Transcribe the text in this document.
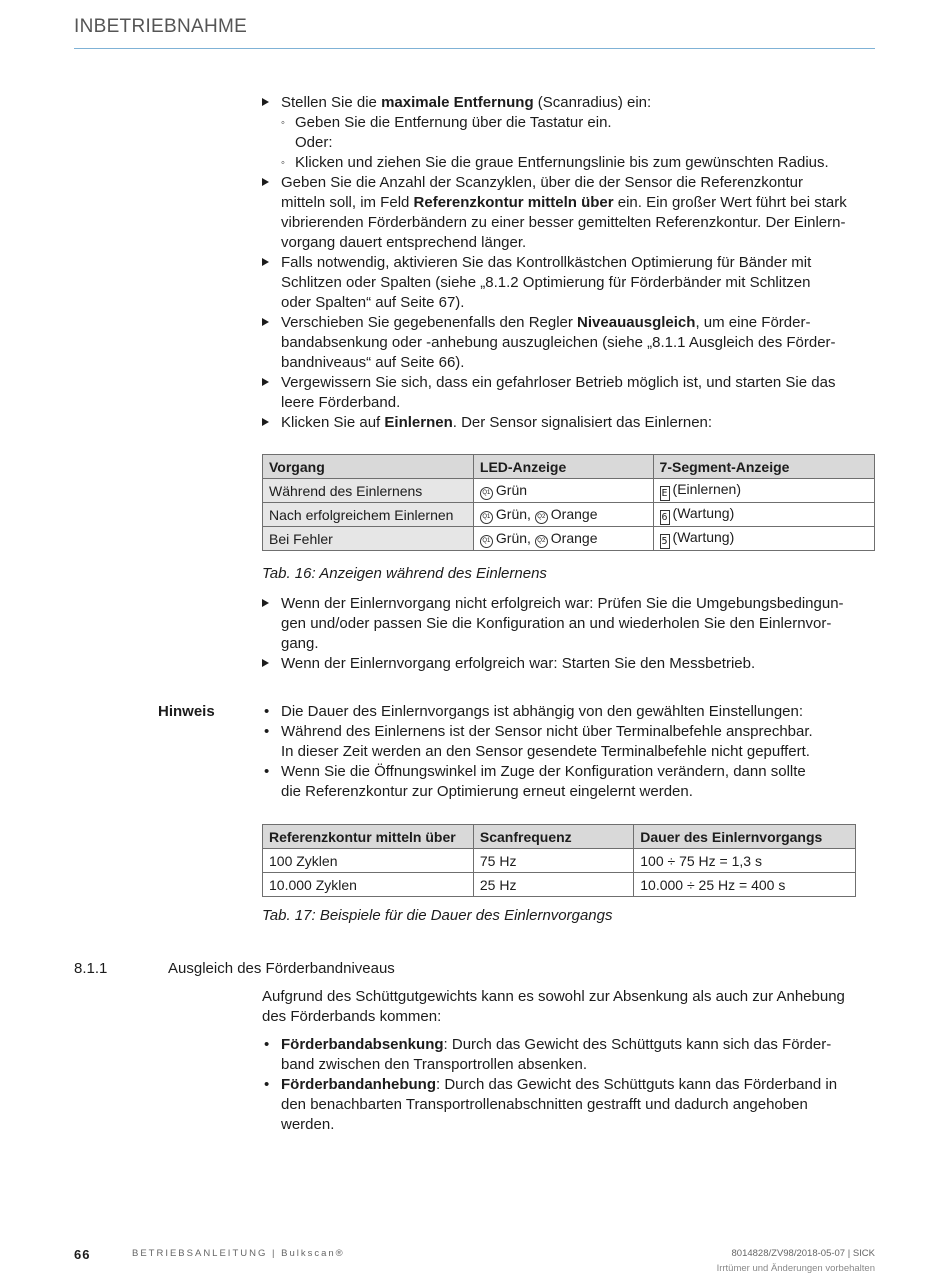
INBETRIEBNAHME
Stellen Sie die maximale Entfernung (Scanradius) ein:
◦ Geben Sie die Entfernung über die Tastatur ein.
Oder:
◦ Klicken und ziehen Sie die graue Entfernungslinie bis zum gewünschten Radius.
Geben Sie die Anzahl der Scanzyklen, über die der Sensor die Referenzkontur
mitteln soll, im Feld Referenzkontur mitteln über ein. Ein großer Wert führt bei stark
vibrierenden Förderbändern zu einer besser gemittelten Referenzkontur. Der Einlern-
vorgang dauert entsprechend länger.
Falls notwendig, aktivieren Sie das Kontrollkästchen Optimierung für Bänder mit
Schlitzen oder Spalten (siehe „8.1.2 Optimierung für Förderbänder mit Schlitzen
oder Spalten“ auf Seite 67).
Verschieben Sie gegebenenfalls den Regler Niveauausgleich, um eine Förder-
bandabsenkung oder -anhebung auszugleichen (siehe „8.1.1 Ausgleich des Förder-
bandniveaus“ auf Seite 66).
Vergewissern Sie sich, dass ein gefahrloser Betrieb möglich ist, und starten Sie das
leere Förderband.
Klicken Sie auf Einlernen. Der Sensor signalisiert das Einlernen:
Vorgang	LED-Anzeige	7-Segment-Anzeige
Während des Einlernens	Q1 Grün	E (Einlernen)
Nach erfolgreichem Einlernen	Q1 Grün, Q2 Orange	6 (Wartung)
Bei Fehler	Q1 Grün, Q2 Orange	5 (Wartung)
Tab. 16: Anzeigen während des Einlernens
Wenn der Einlernvorgang nicht erfolgreich war: Prüfen Sie die Umgebungsbedingun-
gen und/oder passen Sie die Konfiguration an und wiederholen Sie den Einlernvor-
gang.
Wenn der Einlernvorgang erfolgreich war: Starten Sie den Messbetrieb.
Hinweis	• Die Dauer des Einlernvorgangs ist abhängig von den gewählten Einstellungen:
• Während des Einlernens ist der Sensor nicht über Terminalbefehle ansprechbar.
In dieser Zeit werden an den Sensor gesendete Terminalbefehle nicht gepuffert.
• Wenn Sie die Öffnungswinkel im Zuge der Konfiguration verändern, dann sollte
die Referenzkontur zur Optimierung erneut eingelernt werden.
Referenzkontur mitteln über	Scanfrequenz	Dauer des Einlernvorgangs
100 Zyklen	75 Hz	100 ÷ 75 Hz = 1,3 s
10.000 Zyklen	25 Hz	10.000 ÷ 25 Hz = 400 s
Tab. 17: Beispiele für die Dauer des Einlernvorgangs
8.1.1	Ausgleich des Förderbandniveaus
Aufgrund des Schüttgutgewichts kann es sowohl zur Absenkung als auch zur Anhebung
des Förderbands kommen:
• Förderbandabsenkung: Durch das Gewicht des Schüttguts kann sich das Förder-
band zwischen den Transportrollen absenken.
• Förderbandanhebung: Durch das Gewicht des Schüttguts kann das Förderband in
den benachbarten Transportrollenabschnitten gestrafft und dadurch angehoben
werden.
66	BETRIEBSANLEITUNG | Bulkscan®	8014828/ZV98/2018-05-07 | SICK
Irrtümer und Änderungen vorbehalten
